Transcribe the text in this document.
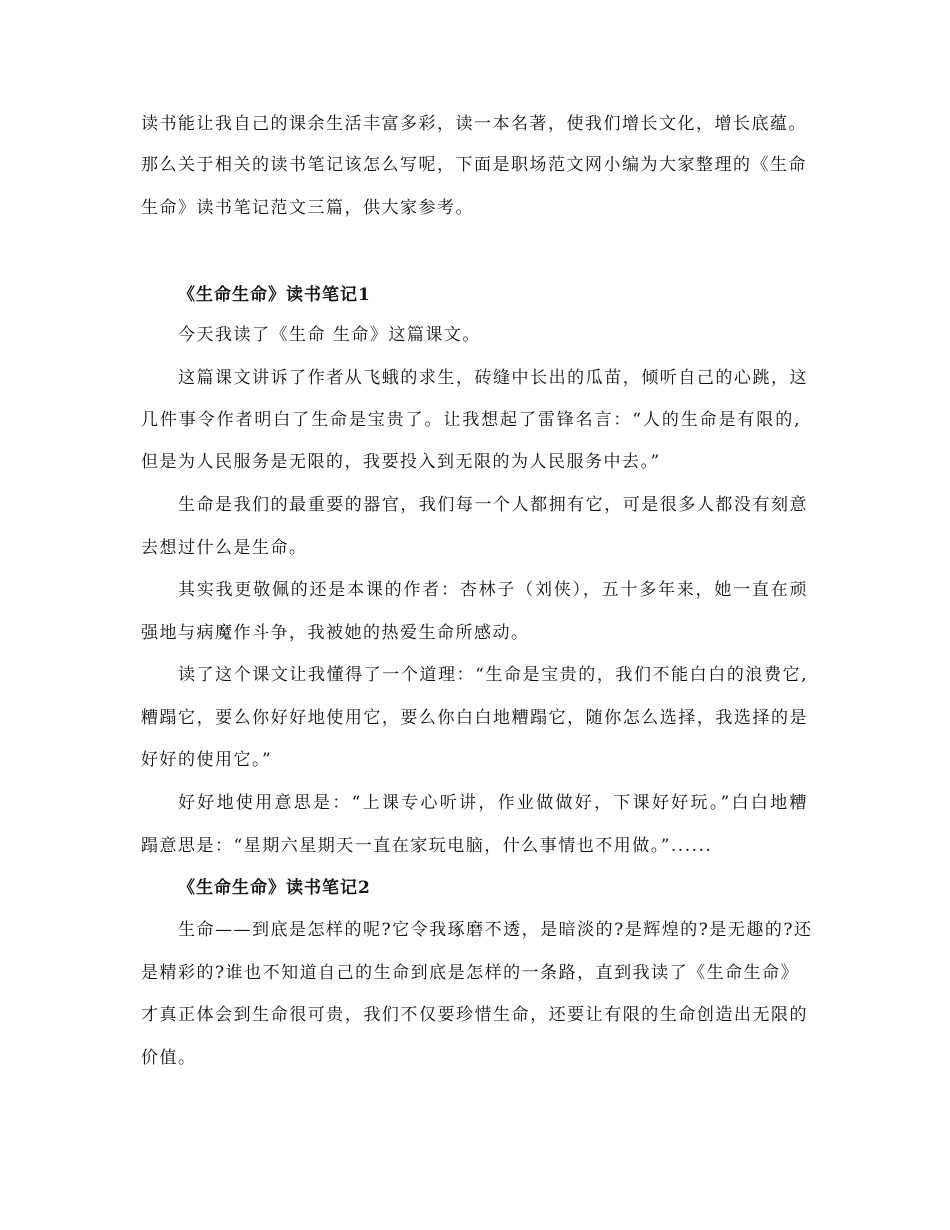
读书能让我自己的课余生活丰富多彩，读一本名著，使我们增长文化，增长底蕴。
那么关于相关的读书笔记该怎么写呢，下面是职场范文网小编为大家整理的《生命
生命》读书笔记范文三篇，供大家参考。
《生命生命》读书笔记1
今天我读了《生命 生命》这篇课文。
这篇课文讲诉了作者从飞蛾的求生，砖缝中长出的瓜苗，倾听自己的心跳，这
几件事令作者明白了生命是宝贵了。让我想起了雷锋名言：“人的生命是有限的,
但是为人民服务是无限的，我要投入到无限的为人民服务中去。”
生命是我们的最重要的器官，我们每一个人都拥有它，可是很多人都没有刻意
去想过什么是生命。
其实我更敬佩的还是本课的作者：杏林子（刘侠），五十多年来，她一直在顽
强地与病魔作斗争，我被她的热爱生命所感动。
读了这个课文让我懂得了一个道理：“生命是宝贵的，我们不能白白的浪费它,
糟蹋它，要么你好好地使用它，要么你白白地糟蹋它，随你怎么选择，我选择的是
好好的使用它。”
好好地使用意思是：“上课专心听讲，作业做做好，下课好好玩。”白白地糟
蹋意思是：“星期六星期天一直在家玩电脑，什么事情也不用做。”......
《生命生命》读书笔记2
生命——到底是怎样的呢?它令我琢磨不透，是暗淡的?是辉煌的?是无趣的?还
是精彩的?谁也不知道自己的生命到底是怎样的一条路，直到我读了《生命生命》
才真正体会到生命很可贵，我们不仅要珍惜生命，还要让有限的生命创造出无限的
价值。
